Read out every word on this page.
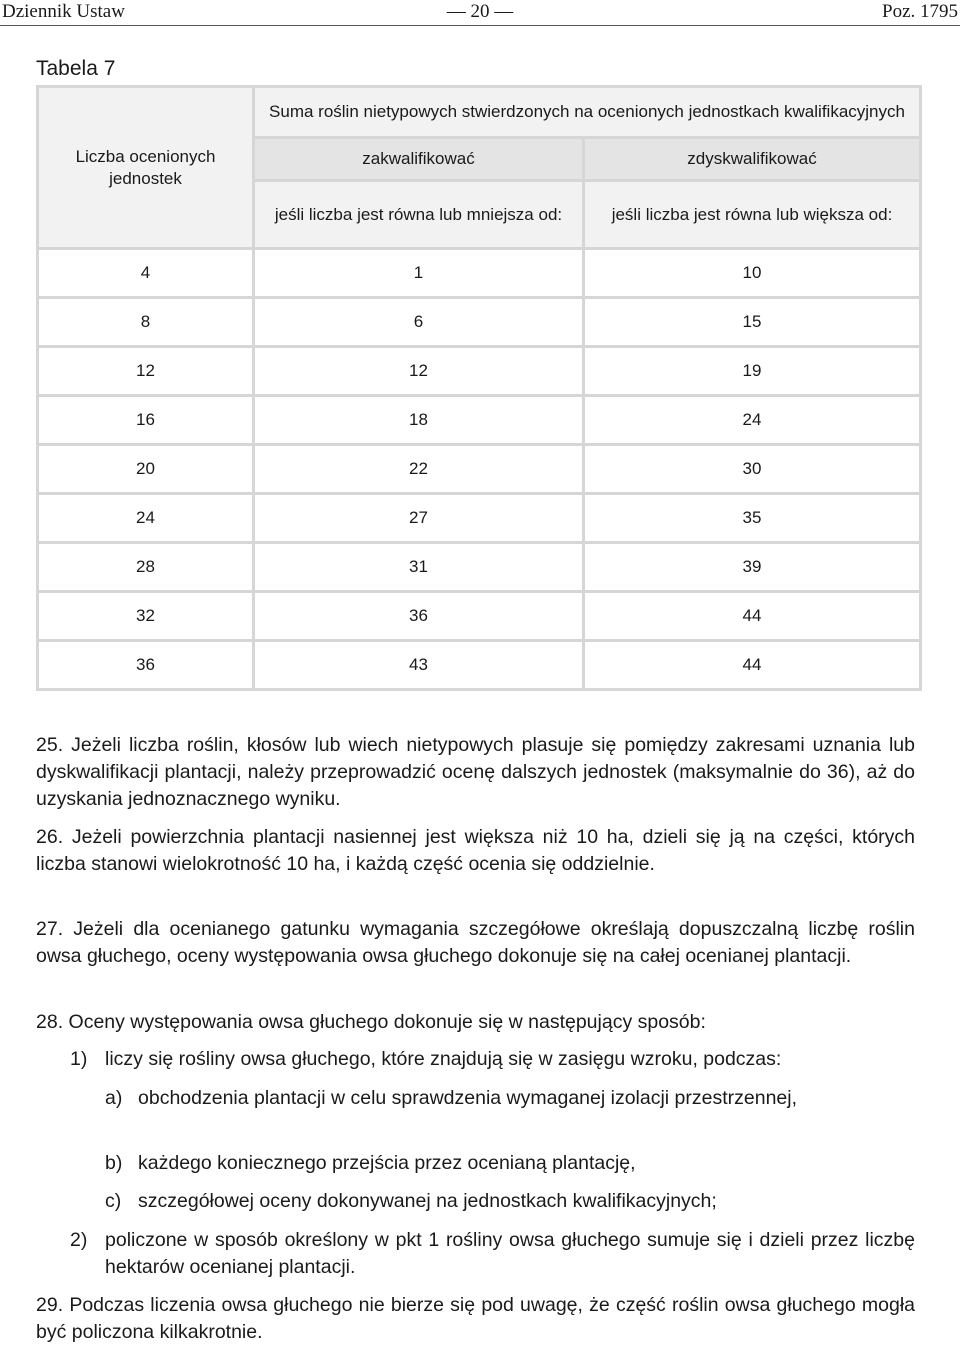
Dziennik Ustaw	— 20 —	Poz. 1795
Tabela 7
Liczba ocenionych jednostek	Suma roślin nietypowych stwierdzonych na ocenionych jednostkach kwalifikacyjnych	
	zakwalifikować	zdyskwalifikować
	jeśli liczba jest równa lub mniejsza od:	jeśli liczba jest równa lub większa od:
4	1	10
8	6	15
12	12	19
16	18	24
20	22	30
24	27	35
28	31	39
32	36	44
36	43	44
25. Jeżeli liczba roślin, kłosów lub wiech nietypowych plasuje się pomiędzy zakresami uznania lub dyskwalifikacji plantacji, należy przeprowadzić ocenę dalszych jednostek (maksymalnie do 36), aż do uzyskania jednoznacznego wyniku.
26. Jeżeli powierzchnia plantacji nasiennej jest większa niż 10 ha, dzieli się ją na części, których liczba stanowi wielokrotność 10 ha, i każdą część ocenia się oddzielnie.
27. Jeżeli dla ocenianego gatunku wymagania szczegółowe określają dopuszczalną liczbę roślin owsa głuchego, oceny występowania owsa głuchego dokonuje się na całej ocenianej plantacji.
28. Oceny występowania owsa głuchego dokonuje się w następujący sposób:
1) liczy się rośliny owsa głuchego, które znajdują się w zasięgu wzroku, podczas:
a) obchodzenia plantacji w celu sprawdzenia wymaganej izolacji przestrzennej,
b) każdego koniecznego przejścia przez ocenianą plantację,
c) szczegółowej oceny dokonywanej na jednostkach kwalifikacyjnych;
2) policzone w sposób określony w pkt 1 rośliny owsa głuchego sumuje się i dzieli przez liczbę hektarów ocenianej plantacji.
29. Podczas liczenia owsa głuchego nie bierze się pod uwagę, że część roślin owsa głuchego mogła być policzona kilkakrotnie.
